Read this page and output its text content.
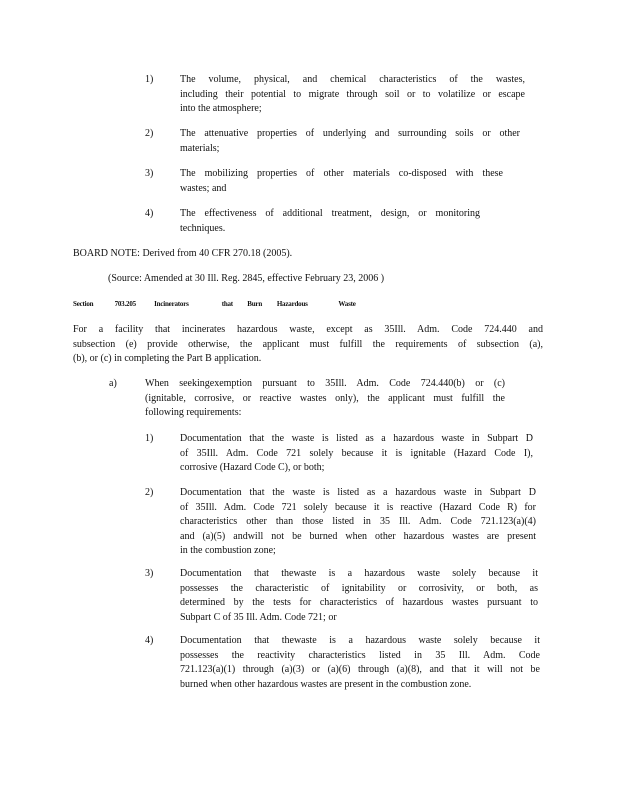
1)	The volume, physical, and chemical characteristics of the wastes,
including their potential to migrate through soil or to volatilize or escape
into the atmosphere;
2)	The attenuative properties of underlying and surrounding soils or other
materials;
3)	The mobilizing properties of other materials co-disposed with these
wastes; and
4)	The effectiveness of additional treatment, design, or monitoring
techniques.
BOARD NOTE: Derived from 40 CFR 270.18 (2005).
(Source: Amended at 30 Ill. Reg. 2845, effective February 23, 2006 )
Section	703.205	Incinerators	that Burn Hazardous	Waste
For a facility that incinerates hazardous waste, except as 35Ill. Adm. Code 724.440 and
subsection (e) provide otherwise, the applicant must fulfill the requirements of subsection (a),
(b), or (c) in completing the Part B application.
a)	When seekingexemption pursuant to 35Ill. Adm. Code 724.440(b) or (c)
(ignitable, corrosive, or reactive wastes only), the applicant must fulfill the
following requirements:
1)	Documentation that the waste is listed as a hazardous waste in Subpart D
of 35Ill. Adm. Code 721 solely because it is ignitable (Hazard Code I),
corrosive (Hazard Code C), or both;
2)	Documentation that the waste is listed as a hazardous waste in Subpart D
of 35Ill. Adm. Code 721 solely because it is reactive (Hazard Code R) for
characteristics other than those listed in 35 Ill. Adm. Code 721.123(a)(4)
and (a)(5) andwill not be burned when other hazardous wastes are present
in the combustion zone;
3)	Documentation that thewaste is a hazardous waste solely because it
possesses the characteristic of ignitability or corrosivity, or both, as
determined by the tests for characteristics of hazardous wastes pursuant to
Subpart C of 35 Ill. Adm. Code 721; or
4)	Documentation that thewaste is a hazardous waste solely because it
possesses the reactivity characteristics listed in 35 Ill. Adm. Code
721.123(a)(1) through (a)(3) or (a)(6) through (a)(8), and that it will not be
burned when other hazardous wastes are present in the combustion zone.
